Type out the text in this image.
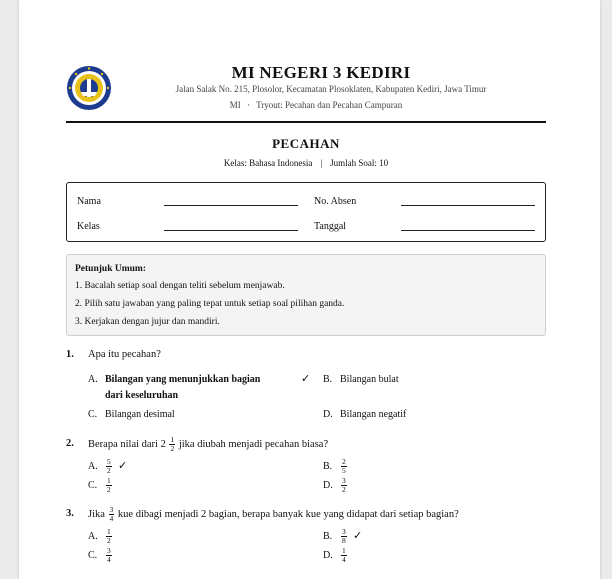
MI NEGERI 3 KEDIRI
Jalan Salak No. 215, Plosolor, Kecamatan Plosoklaten, Kabupaten Kediri, Jawa Timur
MI · Tryout: Pecahan dan Pecahan Campuran
PECAHAN
Kelas: Bahasa Indonesia | Jumlah Soal: 10
Nama	No. Absen
Kelas	Tanggal
Petunjuk Umum:
1. Bacalah setiap soal dengan teliti sebelum menjawab.
2. Pilih satu jawaban yang paling tepat untuk setiap soal pilihan ganda.
3. Kerjakan dengan jujur dan mandiri.
1. Apa itu pecahan?
A. Bilangan yang menunjukkan bagian
dari keseluruhan
✓ B. Bilangan bulat
C. Bilangan desimal	D. Bilangan negatif
2. Berapa nilai dari $2 \frac{1}{2}$ jika diubah menjadi pecahan biasa?
A. $\frac{5}{2}$ ✓	B. $\frac{2}{5}$
C. $\frac{1}{2}$	D. $\frac{3}{2}$
3. Jika $\frac{3}{4}$ kue dibagi menjadi 2 bagian, berapa banyak kue yang didapat dari setiap bagian?
A. $\frac{1}{2}$	B. $\frac{3}{8}$ ✓
C. $\frac{3}{4}$	D. $\frac{1}{4}$
